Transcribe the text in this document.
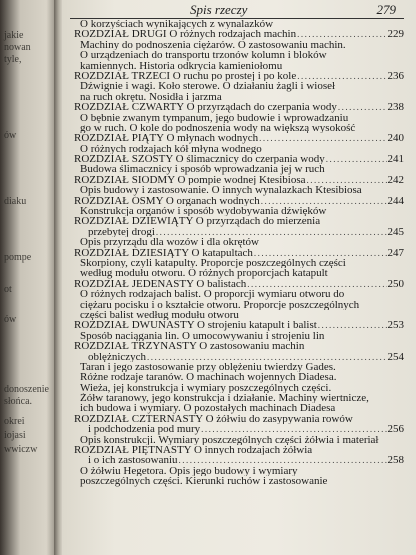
jakie
nowan
tyle,
ów
diaku
pompe
ot
ów
donoszenie
słońca.
okrei
iojasi
wwiczw
Spis rzeczy	279
O korzyściach wynikających z wynalazków
ROZDZIAŁ DRUGI O różnych rodzajach machin .....	229
Machiny do podnoszenia ciężarów. O zastosowaniu machin.
O urządzeniach do transportu trzonów kolumn i bloków
kamiennych. Historia odkrycia kamieniołomu
ROZDZIAŁ TRZECI O ruchu po prostej i po kole .....	236
Dźwignie i wagi. Koło sterowe. O działaniu żagli i wioseł
na ruch okrętu. Nosidła i jarzma
ROZDZIAŁ CZWARTY O przyrządach do czerpania wody .....	238
O bębnie zwanym tympanum, jego budowie i wprowadzaniu
go w ruch. O kole do podnoszenia wody na większą wysokość
ROZDZIAŁ PIĄTY O młynach wodnych .....	240
O różnych rodzajach kół młyna wodnego
ROZDZIAŁ SZÓSTY O ślimacznicy do czerpania wody .....	241
Budowa ślimacznicy i sposób wprowadzania jej w ruch
ROZDZIAŁ SIÓDMY O pompie wodnej Ktesibiosa .....	242
Opis budowy i zastosowanie. O innych wynalazkach Ktesibiosa
ROZDZIAŁ ÓSMY O organach wodnych .....	244
Konstrukcja organów i sposób wydobywania dźwięków
ROZDZIAŁ DZIEWIĄTY O przyrządach do mierzenia
przebytej drogi .....	245
Opis przyrządu dla wozów i dla okrętów
ROZDZIAŁ DZIESIĄTY O katapultach .....	247
Skorpiony, czyli katapulty. Proporcje poszczególnych części
według modułu otworu. O różnych proporcjach katapult
ROZDZIAŁ JEDENASTY O balistach .....	250
O różnych rodzajach balist. O proporcji wymiaru otworu do
ciężaru pocisku i o kształcie otworu. Proporcje poszczególnych
części balist według modułu otworu
ROZDZIAŁ DWUNASTY O strojeniu katapult i balist .....	253
Sposób naciągania lin. O umocowywaniu i strojeniu lin
ROZDZIAŁ TRZYNASTY O zastosowaniu machin
oblężniczych .....	254
Taran i jego zastosowanie przy oblężeniu twierdzy Gades.
Różne rodzaje taranów. O machinach wojennych Diadesa.
Wieża, jej konstrukcja i wymiary poszczególnych części.
Żółw taranowy, jego konstrukcja i działanie. Machiny wiertnicze,
ich budowa i wymiary. O pozostałych machinach Diadesa
ROZDZIAŁ CZTERNASTY O żółwiu do zasypywania rowów
i podchodzenia pod mury .....	256
Opis konstrukcji. Wymiary poszczególnych części żółwia i materiał
ROZDZIAŁ PIĘTNASTY O innych rodzajach żółwia
i o ich zastosowaniu .....	258
O żółwiu Hegetora. Opis jego budowy i wymiary
poszczególnych części. Kierunki ruchów i zastosowanie
